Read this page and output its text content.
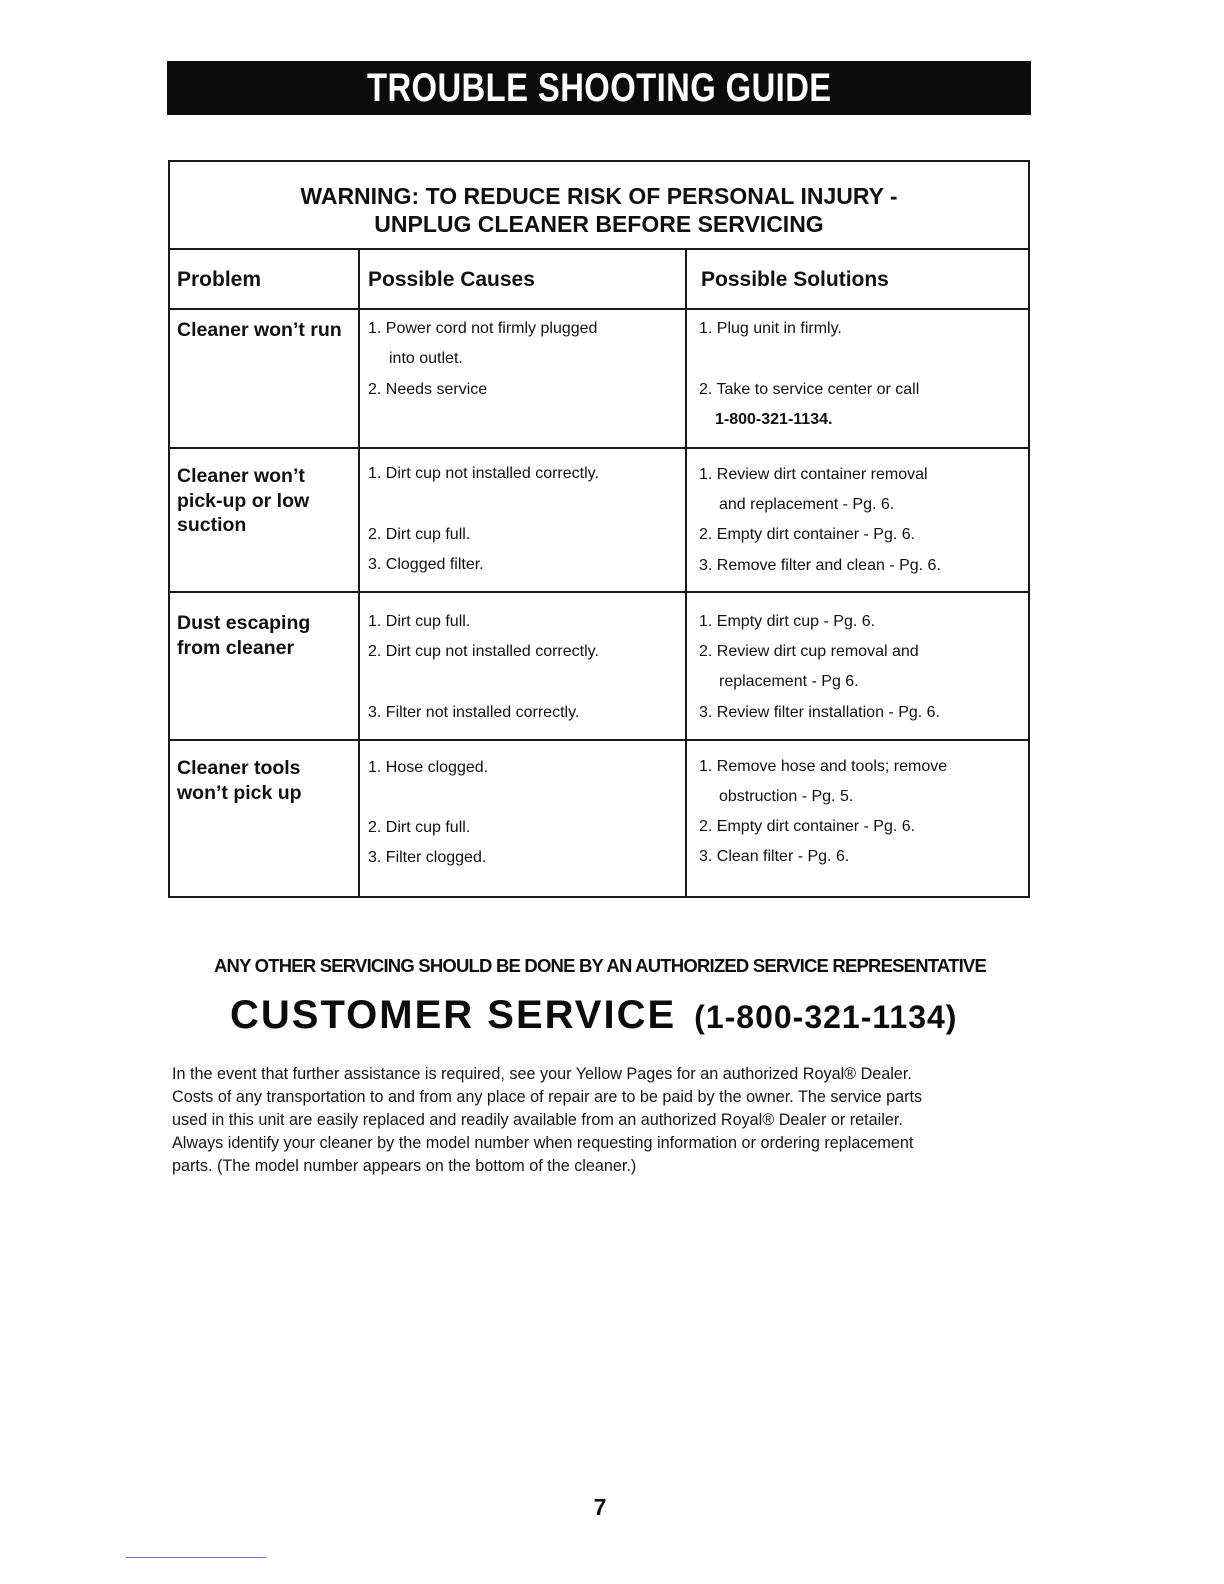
TROUBLE SHOOTING GUIDE
WARNING: TO REDUCE RISK OF PERSONAL INJURY -
UNPLUG CLEANER BEFORE SERVICING
Problem	Possible Causes	Possible Solutions
Cleaner won’t run 1. Power cord not firmly plugged
into outlet.
2. Needs service
1. Plug unit in firmly.
2. Take to service center or call
1-800-321-1134.
Cleaner won’t
pick-up or low
suction
1. Dirt cup not installed correctly.
2. Dirt cup full.
3. Clogged filter.
1. Review dirt container removal
and replacement - Pg. 6.
2. Empty dirt container - Pg. 6.
3. Remove filter and clean - Pg. 6.
Dust escaping
from cleaner
1. Dirt cup full.
2. Dirt cup not installed correctly.
3. Filter not installed correctly.
1. Empty dirt cup - Pg. 6.
2. Review dirt cup removal and
replacement - Pg 6.
3. Review filter installation - Pg. 6.
Cleaner tools
won’t pick up
1. Hose clogged.
2. Dirt cup full.
3. Filter clogged.
1. Remove hose and tools; remove
obstruction - Pg. 5.
2. Empty dirt container - Pg. 6.
3. Clean filter - Pg. 6.
ANY OTHER SERVICING SHOULD BE DONE BY AN AUTHORIZED SERVICE REPRESENTATIVE
CUSTOMER SERVICE (1-800-321-1134)
In the event that further assistance is required, see your Yellow Pages for an authorized Royal® Dealer.
Costs of any transportation to and from any place of repair are to be paid by the owner. The service parts
used in this unit are easily replaced and readily available from an authorized Royal® Dealer or retailer.
Always identify your cleaner by the model number when requesting information or ordering replacement
parts. (The model number appears on the bottom of the cleaner.)
7
